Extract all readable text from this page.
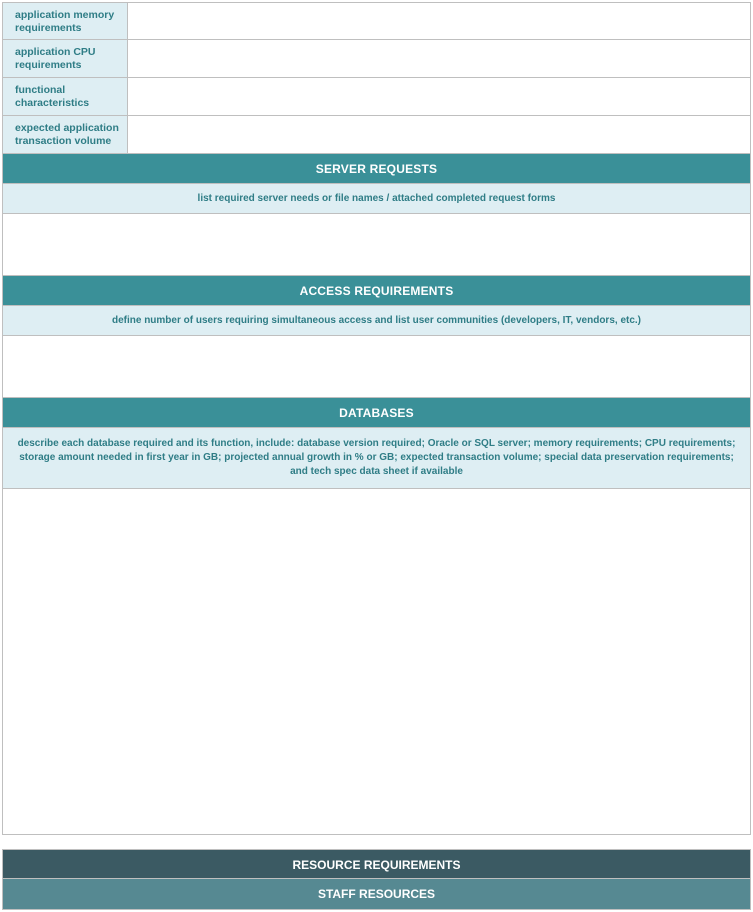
application memory requirements
application CPU requirements
functional characteristics
expected application transaction volume
SERVER REQUESTS
list required server needs or file names / attached completed request forms
ACCESS REQUIREMENTS
define number of users requiring simultaneous access and list user communities (developers, IT, vendors, etc.)
DATABASES
describe each database required and its function, include: database version required; Oracle or SQL server; memory requirements; CPU requirements; storage amount needed in first year in GB; projected annual growth in % or GB; expected transaction volume; special data preservation requirements; and tech spec data sheet if available
RESOURCE REQUIREMENTS
STAFF RESOURCES
